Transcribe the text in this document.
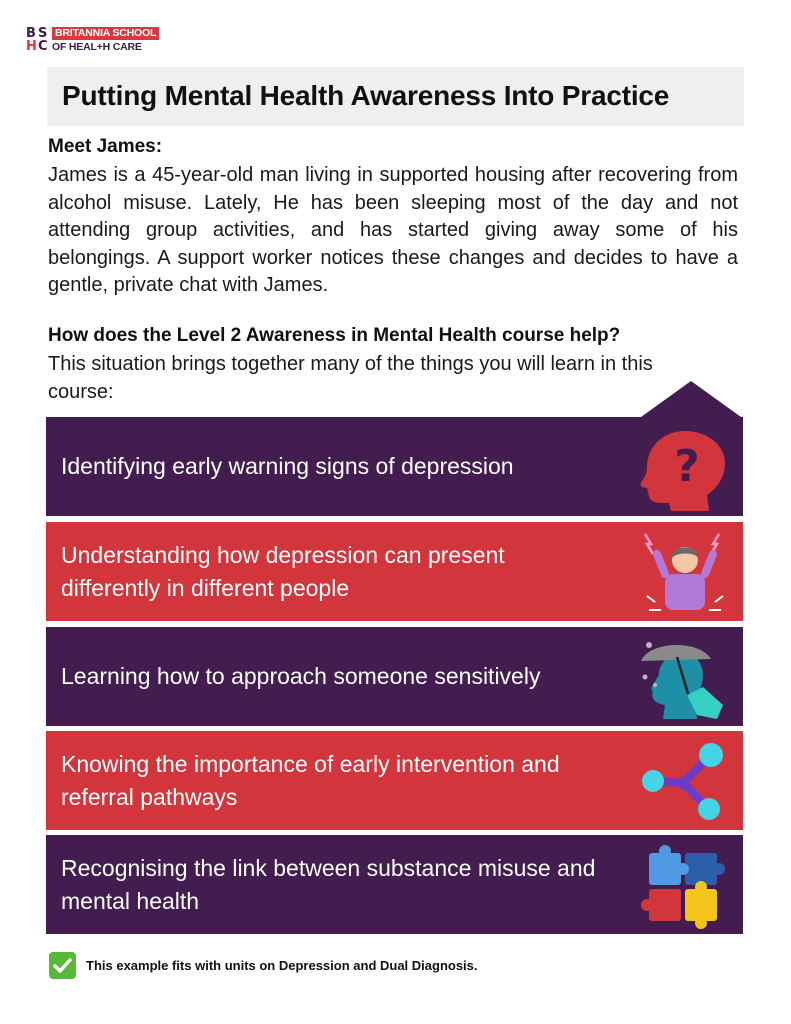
B S
H C
BRITANNIA SCHOOL
OF HEAL+H CARE
Putting Mental Health Awareness Into Practice
Meet James:

James is a 45-year-old man living in supported housing after recovering from alcohol misuse. Lately, He has been sleeping most of the day and not attending group activities, and has started giving away some of his belongings. A support worker notices these changes and decides to have a gentle, private chat with James.

How does the Level 2 Awareness in Mental Health course help?

This situation brings together many of the things you will learn in this course:

Identifying early warning signs of depression	?
Understanding how depression can present differently in different people
Learning how to approach someone sensitively
Knowing the importance of early intervention and referral pathways
Recognising the link between substance misuse and mental health
This example fits with units on Depression and Dual Diagnosis.
